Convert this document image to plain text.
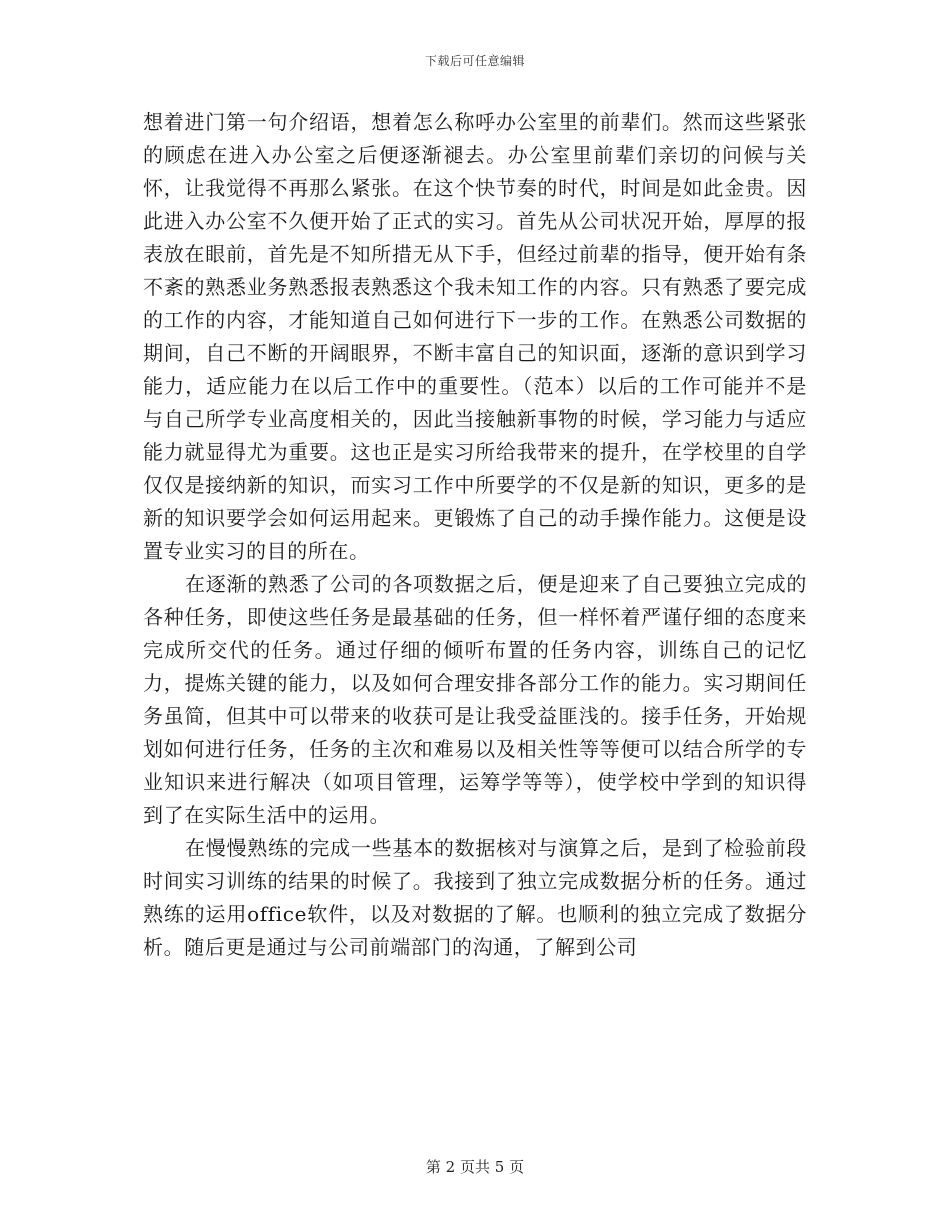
下载后可任意编辑

想着进门第一句介绍语，想着怎么称呼办公室里的前辈们。然而这些紧张的顾虑在进入办公室之后便逐渐褪去。办公室里前辈们亲切的问候与关怀，让我觉得不再那么紧张。在这个快节奏的时代，时间是如此金贵。因此进入办公室不久便开始了正式的实习。首先从公司状况开始，厚厚的报表放在眼前，首先是不知所措无从下手，但经过前辈的指导，便开始有条不紊的熟悉业务熟悉报表熟悉这个我未知工作的内容。只有熟悉了要完成的工作的内容，才能知道自己如何进行下一步的工作。在熟悉公司数据的期间，自己不断的开阔眼界，不断丰富自己的知识面，逐渐的意识到学习能力，适应能力在以后工作中的重要性。（范本）以后的工作可能并不是与自己所学专业高度相关的，因此当接触新事物的时候，学习能力与适应能力就显得尤为重要。这也正是实习所给我带来的提升，在学校里的自学仅仅是接纳新的知识，而实习工作中所要学的不仅是新的知识，更多的是新的知识要学会如何运用起来。更锻炼了自己的动手操作能力。这便是设置专业实习的目的所在。

在逐渐的熟悉了公司的各项数据之后，便是迎来了自己要独立完成的各种任务，即使这些任务是最基础的任务，但一样怀着严谨仔细的态度来完成所交代的任务。通过仔细的倾听布置的任务内容，训练自己的记忆力，提炼关键的能力，以及如何合理安排各部分工作的能力。实习期间任务虽简，但其中可以带来的收获可是让我受益匪浅的。接手任务，开始规划如何进行任务，任务的主次和难易以及相关性等等便可以结合所学的专业知识来进行解决（如项目管理，运筹学等等），使学校中学到的知识得到了在实际生活中的运用。

在慢慢熟练的完成一些基本的数据核对与演算之后，是到了检验前段时间实习训练的结果的时候了。我接到了独立完成数据分析的任务。通过熟练的运用office软件，以及对数据的了解。也顺利的独立完成了数据分析。随后更是通过与公司前端部门的沟通，了解到公司

第 2 页共 5 页
